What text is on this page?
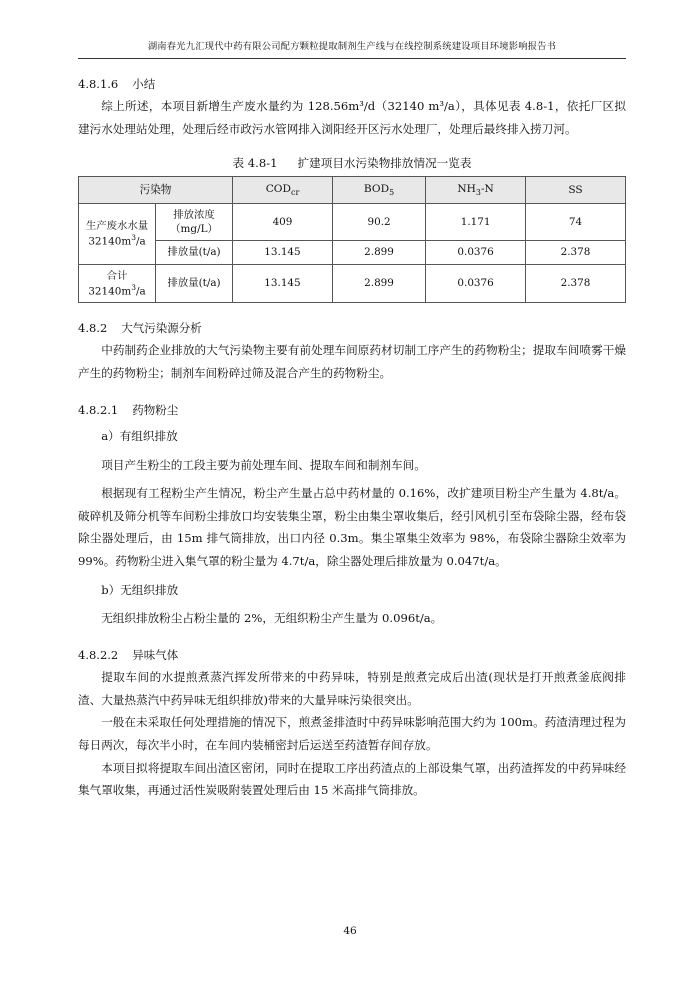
湖南春光九汇现代中药有限公司配方颗粒提取制剂生产线与在线控制系统建设项目环境影响报告书
4.8.1.6 小结

综上所述，本项目新增生产废水量约为 128.56m³/d（32140 m³/a），具体见表 4.8-1，依托厂区拟建污水处理站处理，处理后经市政污水管网排入浏阳经开区污水处理厂，处理后最终排入捞刀河。

表 4.8-1 扩建项目水污染物排放情况一览表
污染物		$COD_{cr}$	$BOD_5$	$NH_3-N$	SS

生产废水水量
$32140m^3/a$	排放浓度（mg/L）	409	90.2	1.171	74
	排放量(t/a)	13.145	2.899	0.0376	2.378

合计
$32140m^3/a$	排放量(t/a)	13.145	2.899	0.0376	2.378
4.8.2 大气污染源分析

中药制药企业排放的大气污染物主要有前处理车间原药材切制工序产生的药物粉尘；提取车间喷雾干燥产生的药物粉尘；制剂车间粉碎过筛及混合产生的药物粉尘。

4.8.2.1 药物粉尘

a）有组织排放

项目产生粉尘的工段主要为前处理车间、提取车间和制剂车间。

根据现有工程粉尘产生情况，粉尘产生量占总中药材量的 0.16%，改扩建项目粉尘产生量为 4.8t/a。破碎机及筛分机等车间粉尘排放口均安装集尘罩，粉尘由集尘罩收集后，经引风机引至布袋除尘器，经布袋除尘器处理后，由 15m 排气筒排放，出口内径 0.3m。集尘罩集尘效率为 98%，布袋除尘器除尘效率为 99%。药物粉尘进入集气罩的粉尘量为 4.7t/a，除尘器处理后排放量为 0.047t/a。

b）无组织排放

无组织排放粉尘占粉尘量的 2%，无组织粉尘产生量为 0.096t/a。

4.8.2.2 异味气体

提取车间的水提煎煮蒸汽挥发所带来的中药异味，特别是煎煮完成后出渣(现状是打开煎煮釜底阀排渣、大量热蒸汽中药异味无组织排放)带来的大量异味污染很突出。

一般在未采取任何处理措施的情况下，煎煮釜排渣时中药异味影响范围大约为 100m。药渣清理过程为每日两次，每次半小时，在车间内装桶密封后运送至药渣暂存间存放。

本项目拟将提取车间出渣区密闭，同时在提取工序出药渣点的上部设集气罩，出药渣挥发的中药异味经集气罩收集，再通过活性炭吸附装置处理后由 15 米高排气筒排放。

46
